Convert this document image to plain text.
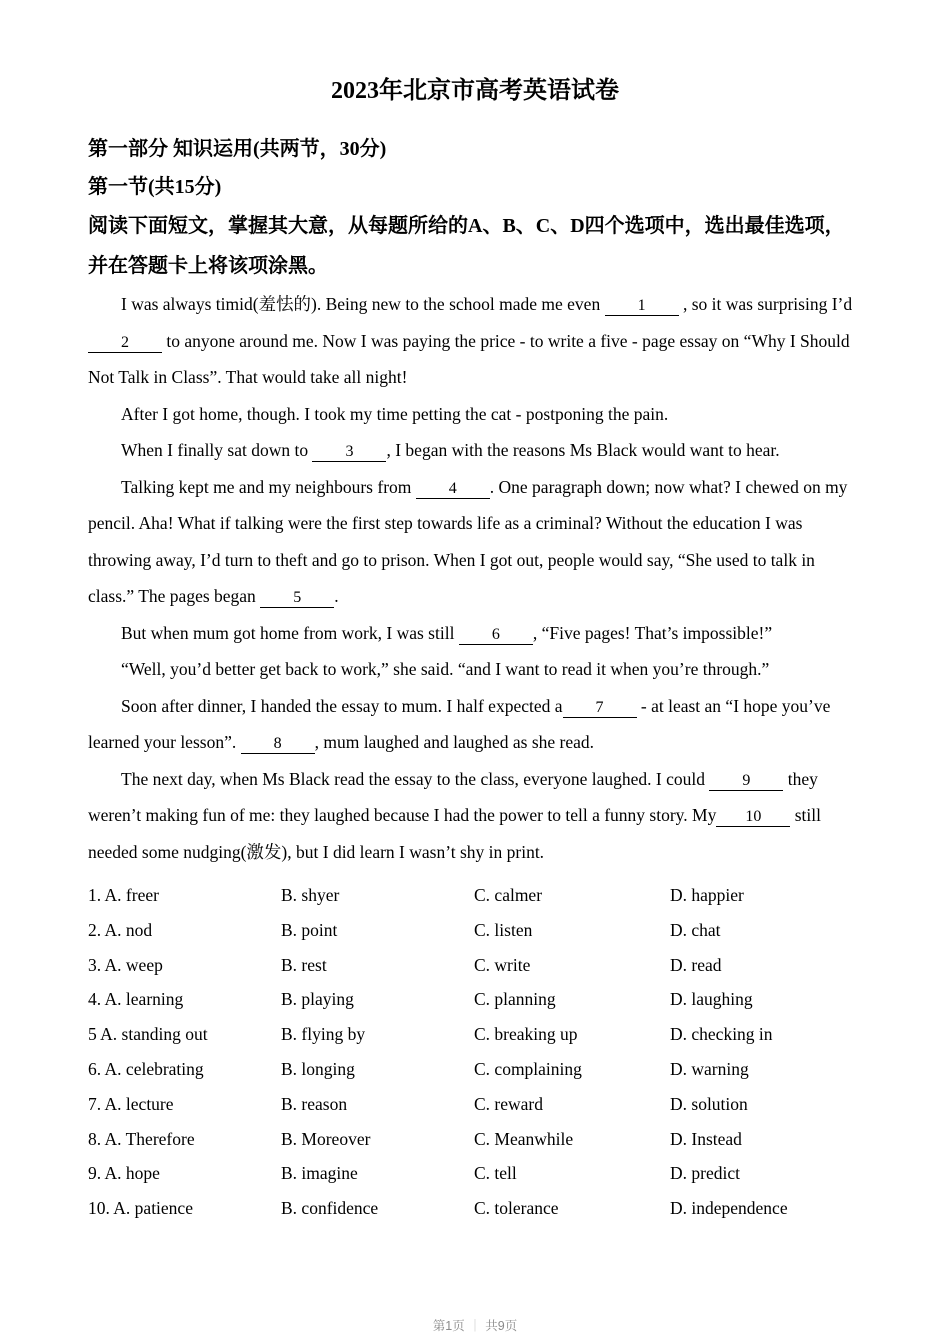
2023年北京市高考英语试卷

第一部分 知识运用(共两节，30分)

第一节(共15分)

阅读下面短文，掌握其大意，从每题所给的A、B、C、D四个选项中，选出最佳选项，并在答题卡上将该项涂黑。

I was always timid(羞怯的). Being new to the school made me even 1 , so it was surprising I’d 2 to anyone around me. Now I was paying the price - to write a five - page essay on “Why I Should Not Talk in Class”. That would take all night!

After I got home, though. I took my time petting the cat - postponing the pain.

When I finally sat down to 3 , I began with the reasons Ms Black would want to hear.

Talking kept me and my neighbours from 4 . One paragraph down; now what? I chewed on my pencil. Aha! What if talking were the first step towards life as a criminal? Without the education I was throwing away, I’d turn to theft and go to prison. When I got out, people would say, “She used to talk in class.” The pages began 5 .

But when mum got home from work, I was still 6 , “Five pages! That’s impossible!”

“Well, you’d better get back to work,” she said. “and I want to read it when you’re through.”

Soon after dinner, I handed the essay to mum. I half expected a 7 - at least an “I hope you’ve learned your lesson”. 8 , mum laughed and laughed as she read.

The next day, when Ms Black read the essay to the class, everyone laughed. I could 9 they weren’t making fun of me: they laughed because I had the power to tell a funny story. My 10 still needed some nudging(激发), but I did learn I wasn’t shy in print.

1. A. freer	B. shyer	C. calmer	D. happier
2. A. nod	B. point	C. listen	D. chat
3. A. weep	B. rest	C. write	D. read
4. A. learning	B. playing	C. planning	D. laughing
5 A. standing out	B. flying by	C. breaking up	D. checking in
6. A. celebrating	B. longing	C. complaining	D. warning
7. A. lecture	B. reason	C. reward	D. solution
8. A. Therefore	B. Moreover	C. Meanwhile	D. Instead
9. A. hope	B. imagine	C. tell	D. predict
10. A. patience	B. confidence	C. tolerance	D. independence
第1页 ｜ 共9页
